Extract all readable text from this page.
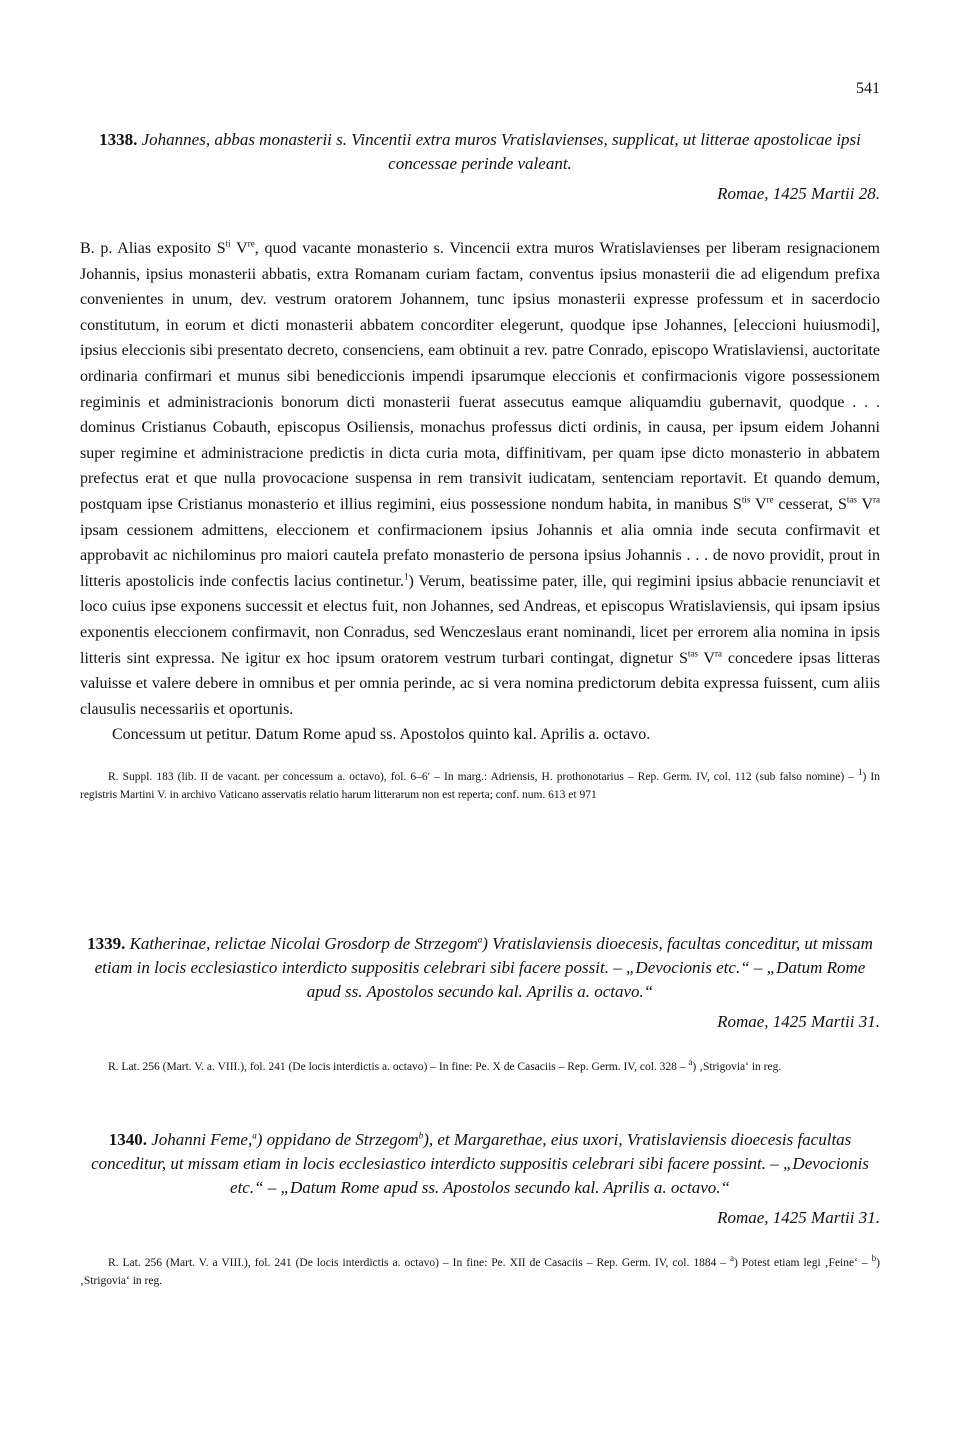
541
1338. Johannes, abbas monasterii s. Vincentii extra muros Vratislavienses, supplicat, ut litterae apostolicae ipsi concessae perinde valeant.
Romae, 1425 Martii 28.

B. p. Alias exposito $S^{ti}$ Vre, quod vacante monasterio s. Vincencii extra muros Wratislavienses per liberam resignacionem Johannis, ipsius monasterii abbatis, extra Romanam curiam factam, conventus ipsius monasterii die ad eligendum prefixa convenientes in unum, dev. vestrum oratorem Johannem, tunc ipsius monasterii expresse professum et in sacerdocio constitutum, in eorum et dicti monasterii abbatem concorditer elegerunt, quodque ipse Johannes, [eleccioni huiusmodi], ipsius eleccionis sibi presentato decreto, consenciens, eam obtinuit a rev. patre Conrado, episcopo Wratislaviensi, auctoritate ordinaria confirmari et munus sibi benediccionis impendi ipsarumque eleccionis et confirmacionis vigore possessionem regiminis et administracionis bonorum dicti monasterii fuerat assecutus eamque aliquamdiu gubernavit, quodque . . . dominus Cristianus Cobauth, episcopus Osiliensis, monachus professus dicti ordinis, in causa, per ipsum eidem Johanni super regimine et administracione predictis in dicta curia mota, diffinitivam, per quam ipse dicto monasterio in abbatem prefectus erat et que nulla provocacione suspensa in rem transivit iudicatam, sentenciam reportavit. Et quando demum, postquam ipse Cristianus monasterio et illius regimini, eius possessione nondum habita, in manibus $S^{tis}$ Vre cesserat, $S^{tas}$ $V^{ra}$ ipsam cessionem admittens, eleccionem et confirmacionem ipsius Johannis et alia omnia inde secuta confirmavit et approbavit ac nichilominus pro maiori cautela prefato monasterio de persona ipsius Johannis . . . de novo providit, prout in litteris apostolicis inde confectis lacius continetur.$^1$) Verum, beatissime pater, ille, qui regimini ipsius abbacie renunciavit et loco cuius ipse exponens successit et electus fuit, non Johannes, sed Andreas, et episcopus Wratislaviensis, qui ipsam ipsius exponentis eleccionem confirmavit, non Conradus, sed Wenczeslaus erant nominandi, licet per errorem alia nomina in ipsis litteris sint expressa. Ne igitur ex hoc ipsum oratorem vestrum turbari contingat, dignetur $S^{tas}$ $V^{ra}$ concedere ipsas litteras valuisse et valere debere in omnibus et per omnia perinde, ac si vera nomina predictorum debita expressa fuissent, cum aliis clausulis necessariis et oportunis.

Concessum ut petitur. Datum Rome apud ss. Apostolos quinto kal. Aprilis a. octavo.

R. Suppl. 183 (lib. II de vacant. per concessum a. octavo), fol. 6–6′ – In marg.: Adriensis, H. prothonotarius – Rep. Germ. IV, col. 112 (sub falso nomine) – $^1$) In registris Martini V. in archivo Vaticano asservatis relatio harum litterarum non est reperta; conf. num. 613 et 971
1339. Katherinae, relictae Nicolai Grosdorp de Strzegom$^a$) Vratislaviensis dioecesis, facultas conceditur, ut missam etiam in locis ecclesiastico interdicto suppositis celebrari sibi facere possit. – „Devocionis etc.“ – „Datum Rome apud ss. Apostolos secundo kal. Aprilis a. octavo.“
Romae, 1425 Martii 31.
R. Lat. 256 (Mart. V. a. VIII.), fol. 241 (De locis interdictis a. octavo) – In fine: Pe. X de Casaciis – Rep. Germ. IV, col. 328 – $^a$) ‚Strigovia‘ in reg.
1340. Johanni Feme,$^a$) oppidano de Strzegom$^b$), et Margarethae, eius uxori, Vratislaviensis dioecesis facultas conceditur, ut missam etiam in locis ecclesiastico interdicto suppositis celebrari sibi facere possint. – „Devocionis etc.“ – „Datum Rome apud ss. Apostolos secundo kal. Aprilis a. octavo.“
Romae, 1425 Martii 31.
R. Lat. 256 (Mart. V. a VIII.), fol. 241 (De locis interdictis a. octavo) – In fine: Pe. XII de Casaciis – Rep. Germ. IV, col. 1884 – $^a$) Potest etiam legi ‚Feine‘ – $^b$) ‚Strigovia‘ in reg.
